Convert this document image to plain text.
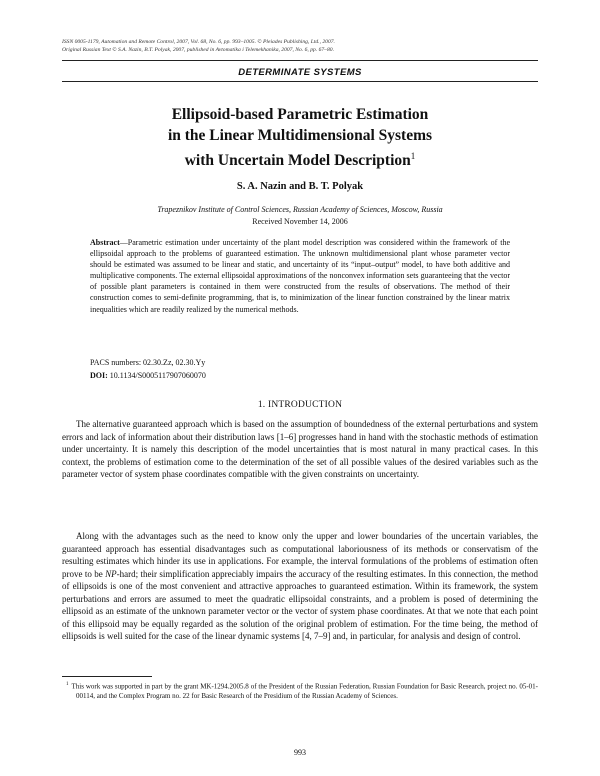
ISSN 0005-1179, Automation and Remote Control, 2007, Vol. 68, No. 6, pp. 993–1005. © Pleiades Publishing, Ltd., 2007.
Original Russian Text © S.A. Nazin, B.T. Polyak, 2007, published in Avtomatika i Telemekhanika, 2007, No. 6, pp. 67–80.
DETERMINATE SYSTEMS
Ellipsoid-based Parametric Estimation
in the Linear Multidimensional Systems
with Uncertain Model Description$^1$
S. A. Nazin and B. T. Polyak
Trapeznikov Institute of Control Sciences, Russian Academy of Sciences, Moscow, Russia
Received November 14, 2006
Abstract—Parametric estimation under uncertainty of the plant model description was considered within the framework of the ellipsoidal approach to the problems of guaranteed estimation. The unknown multidimensional plant whose parameter vector should be estimated was assumed to be linear and static, and uncertainty of its “input–output” model, to have both additive and multiplicative components. The external ellipsoidal approximations of the nonconvex information sets guaranteeing that the vector of possible plant parameters is contained in them were constructed from the results of observations. The method of their construction comes to semi-definite programming, that is, to minimization of the linear function constrained by the linear matrix inequalities which are readily realized by the numerical methods.
PACS numbers: 02.30.Zz, 02.30.Yy
DOI: 10.1134/S0005117907060070
1. INTRODUCTION
The alternative guaranteed approach which is based on the assumption of boundedness of the external perturbations and system errors and lack of information about their distribution laws [1–6] progresses hand in hand with the stochastic methods of estimation under uncertainty. It is namely this description of the model uncertainties that is most natural in many practical cases. In this context, the problems of estimation come to the determination of the set of all possible values of the desired variables such as the parameter vector of system phase coordinates compatible with the given constraints on uncertainty.
Along with the advantages such as the need to know only the upper and lower boundaries of the uncertain variables, the guaranteed approach has essential disadvantages such as computational laboriousness of its methods or conservatism of the resulting estimates which hinder its use in applications. For example, the interval formulations of the problems of estimation often prove to be NP-hard; their simplification appreciably impairs the accuracy of the resulting estimates. In this connection, the method of ellipsoids is one of the most convenient and attractive approaches to guaranteed estimation. Within its framework, the system perturbations and errors are assumed to meet the quadratic ellipsoidal constraints, and a problem is posed of determining the ellipsoid as an estimate of the unknown parameter vector or the vector of system phase coordinates. At that we note that each point of this ellipsoid may be equally regarded as the solution of the original problem of estimation. For the time being, the method of ellipsoids is well suited for the case of the linear dynamic systems [4, 7–9] and, in particular, for analysis and design of control.
$^1$ This work was supported in part by the grant MK-1294.2005.8 of the President of the Russian Federation, Russian Foundation for Basic Research, project no. 05-01-00114, and the Complex Program no. 22 for Basic Research of the Presidium of the Russian Academy of Sciences.
993
